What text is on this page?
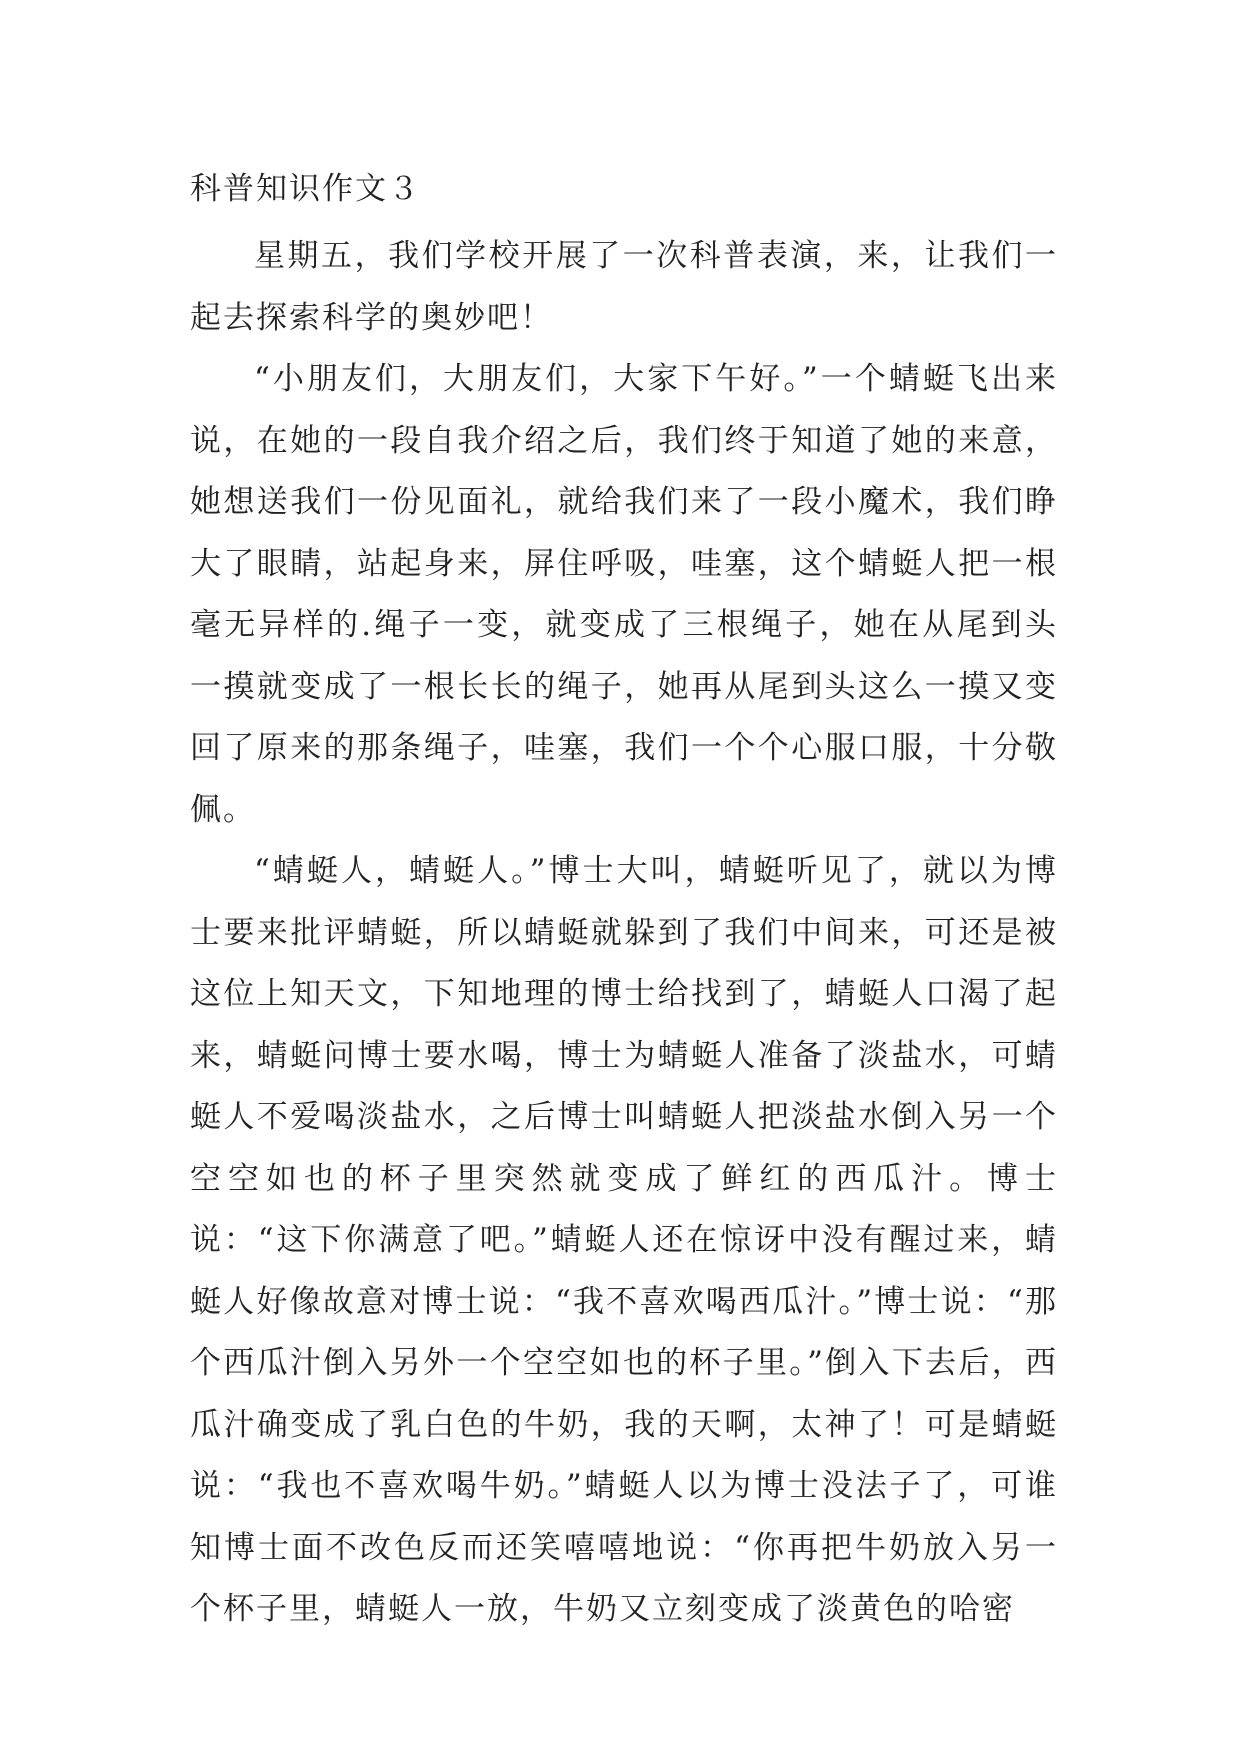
科普知识作文３

星期五，我们学校开展了一次科普表演，来，让我们一起去探索科学的奥妙吧！

“小朋友们，大朋友们，大家下午好。”一个蜻蜓飞出来说，在她的一段自我介绍之后，我们终于知道了她的来意，她想送我们一份见面礼，就给我们来了一段小魔术，我们睁大了眼睛，站起身来，屏住呼吸，哇塞，这个蜻蜓人把一根毫无异样的.绳子一变，就变成了三根绳子，她在从尾到头一摸就变成了一根长长的绳子，她再从尾到头这么一摸又变回了原来的那条绳子，哇塞，我们一个个心服口服，十分敬佩。

“蜻蜓人，蜻蜓人。”博士大叫，蜻蜓听见了，就以为博士要来批评蜻蜓，所以蜻蜓就躲到了我们中间来，可还是被这位上知天文，下知地理的博士给找到了，蜻蜓人口渴了起来，蜻蜓问博士要水喝，博士为蜻蜓人准备了淡盐水，可蜻蜓人不爱喝淡盐水，之后博士叫蜻蜓人把淡盐水倒入另一个空空如也的杯子里突然就变成了鲜红的西瓜汁。博士说：“这下你满意了吧。”蜻蜓人还在惊讶中没有醒过来，蜻蜓人好像故意对博士说：“我不喜欢喝西瓜汁。”博士说：“那个西瓜汁倒入另外一个空空如也的杯子里。”倒入下去后，西瓜汁确变成了乳白色的牛奶，我的天啊，太神了！可是蜻蜓说：“我也不喜欢喝牛奶。”蜻蜓人以为博士没法子了，可谁知博士面不改色反而还笑嘻嘻地说：“你再把牛奶放入另一个杯子里，蜻蜓人一放，牛奶又立刻变成了淡黄色的哈密
